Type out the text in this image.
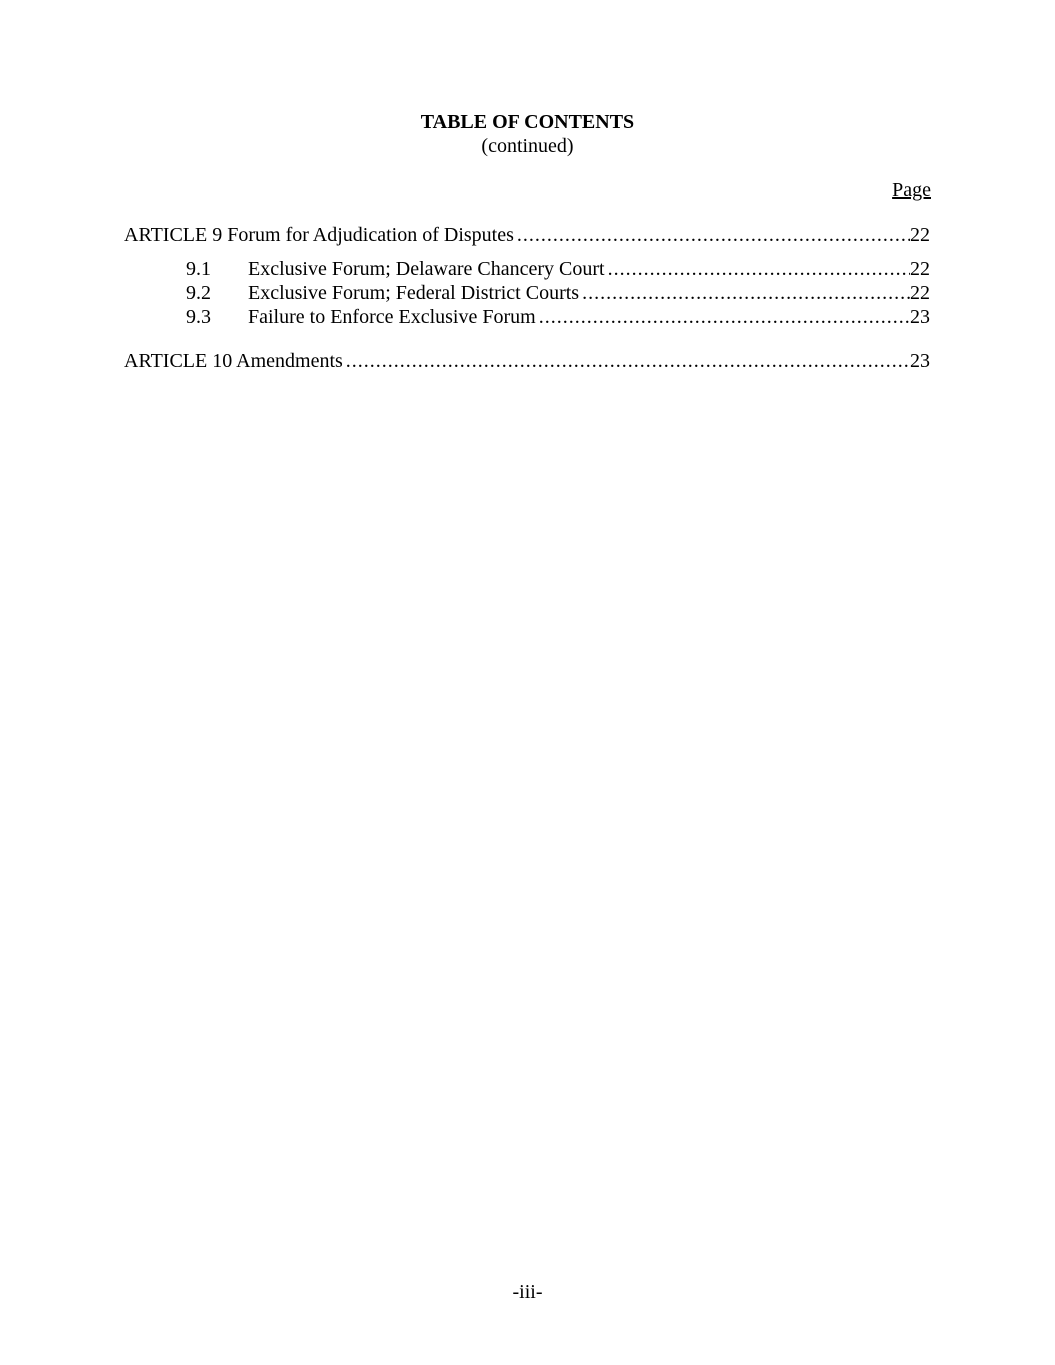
TABLE OF CONTENTS
(continued)
Page
ARTICLE 9 Forum for Adjudication of Disputes .....	22
9.1	Exclusive Forum; Delaware Chancery Court .....	22
9.2	Exclusive Forum; Federal District Courts .....	22
9.3	Failure to Enforce Exclusive Forum .....	23
ARTICLE 10 Amendments .....	23
-iii-
